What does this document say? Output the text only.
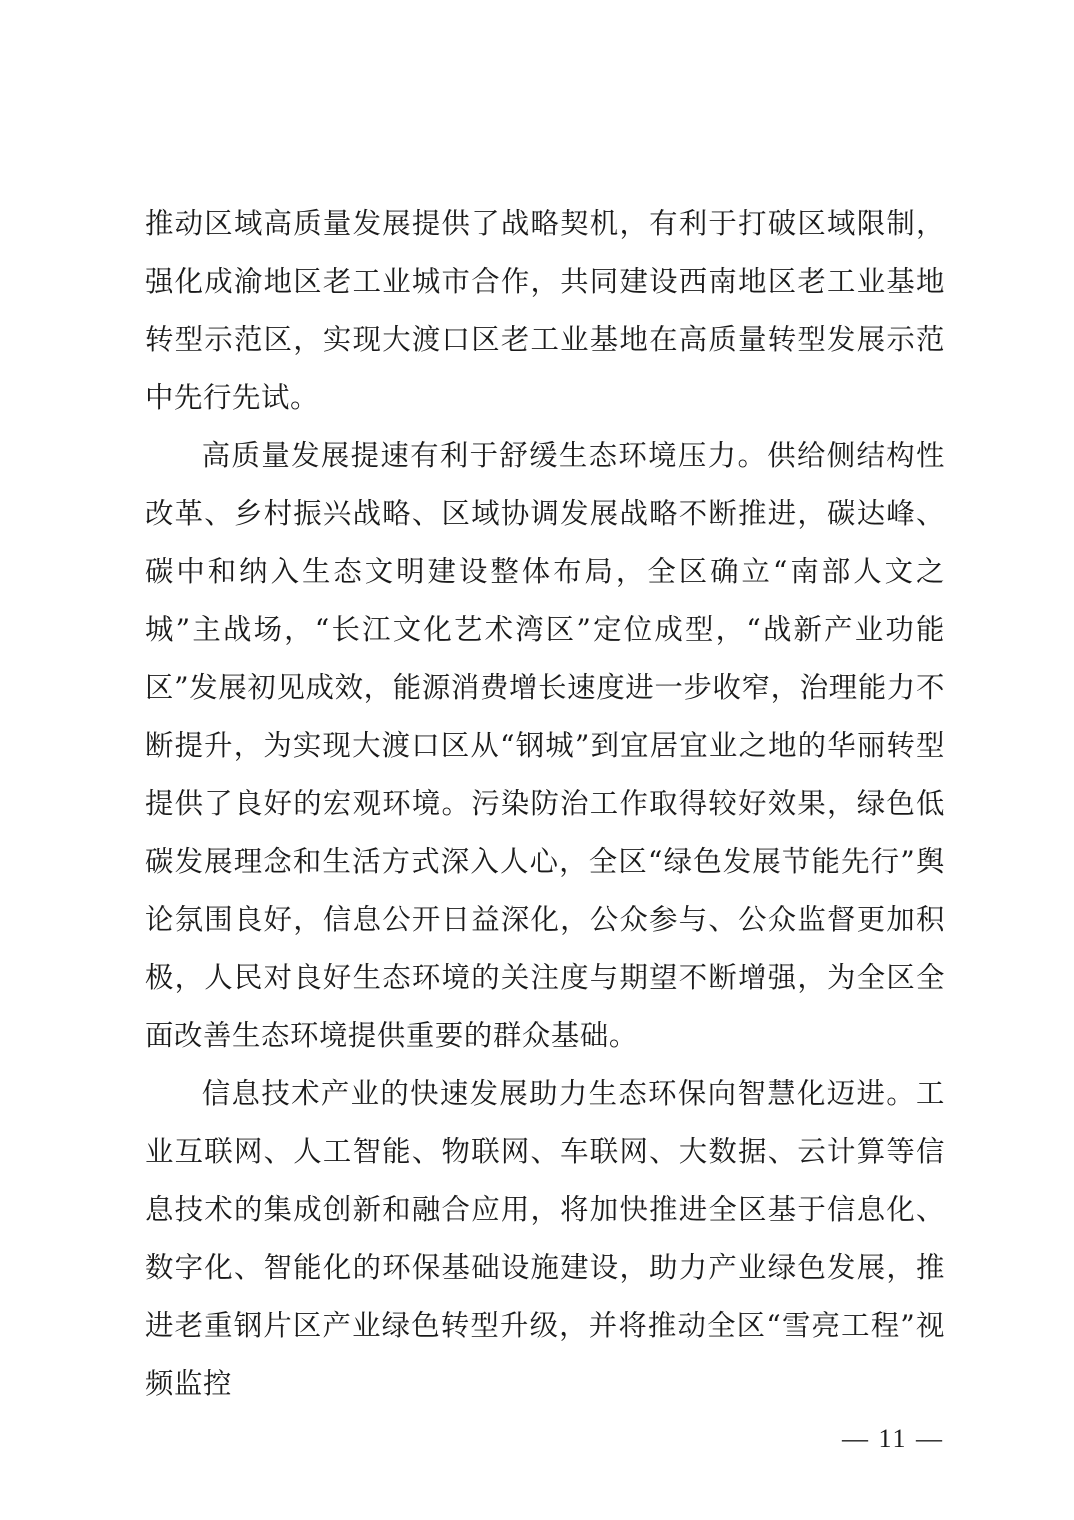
推动区域高质量发展提供了战略契机，有利于打破区域限制，强化成渝地区老工业城市合作，共同建设西南地区老工业基地转型示范区，实现大渡口区老工业基地在高质量转型发展示范中先行先试。

高质量发展提速有利于舒缓生态环境压力。供给侧结构性改革、乡村振兴战略、区域协调发展战略不断推进，碳达峰、碳中和纳入生态文明建设整体布局，全区确立“南部人文之城”主战场，“长江文化艺术湾区”定位成型，“战新产业功能区”发展初见成效，能源消费增长速度进一步收窄，治理能力不断提升，为实现大渡口区从“钢城”到宜居宜业之地的华丽转型提供了良好的宏观环境。污染防治工作取得较好效果，绿色低碳发展理念和生活方式深入人心，全区“绿色发展节能先行”舆论氛围良好，信息公开日益深化，公众参与、公众监督更加积极，人民对良好生态环境的关注度与期望不断增强，为全区全面改善生态环境提供重要的群众基础。

信息技术产业的快速发展助力生态环保向智慧化迈进。工业互联网、人工智能、物联网、车联网、大数据、云计算等信息技术的集成创新和融合应用，将加快推进全区基于信息化、数字化、智能化的环保基础设施建设，助力产业绿色发展，推进老重钢片区产业绿色转型升级，并将推动全区“雪亮工程”视频监控

— 11 —
